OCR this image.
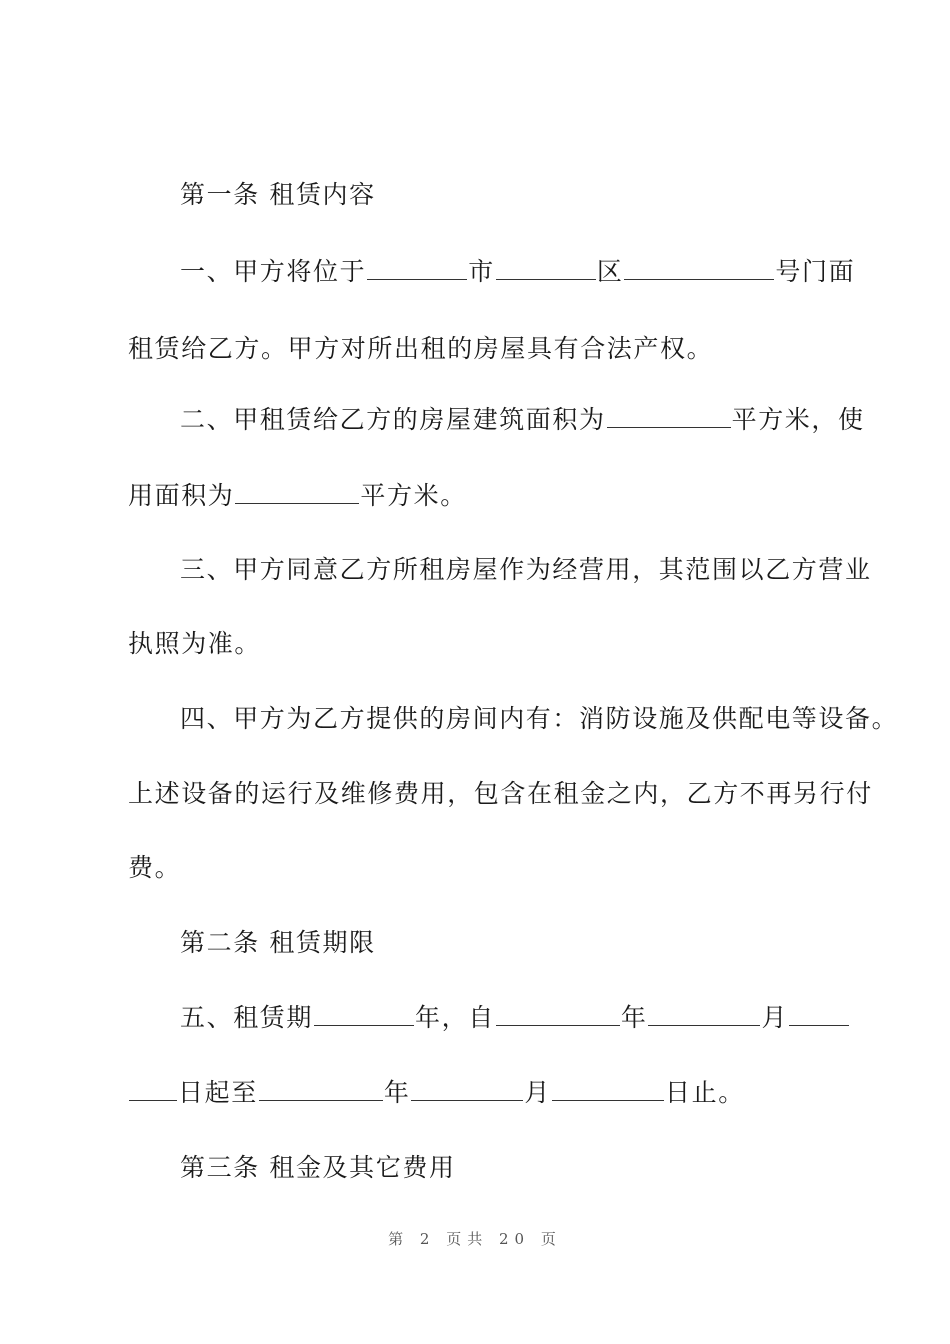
第一条 租赁内容
一、甲方将位于	市	区	号门面
租赁给乙方。甲方对所出租的房屋具有合法产权。
二、甲租赁给乙方的房屋建筑面积为	平方米，使
用面积为	平方米。
三、甲方同意乙方所租房屋作为经营用，其范围以乙方营业
执照为准。
四、甲方为乙方提供的房间内有：消防设施及供配电等设备。
上述设备的运行及维修费用，包含在租金之内，乙方不再另行付
费。
第二条 租赁期限
五、租赁期	年，自	年	月
日起至	年	月	日止。
第三条 租金及其它费用
第 2 页共 20 页
